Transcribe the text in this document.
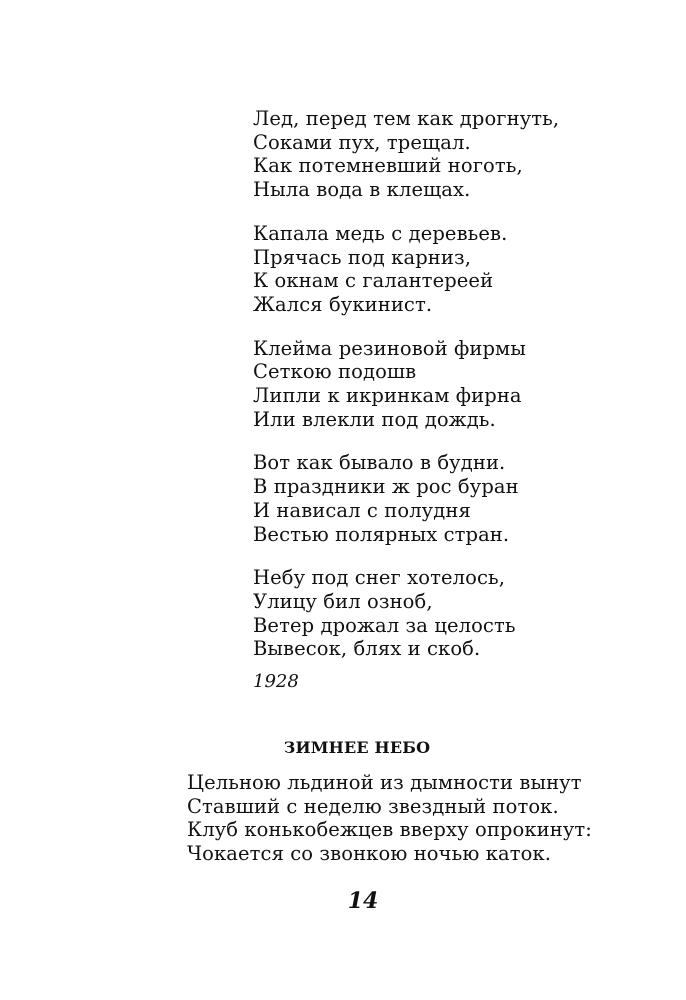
Лед, перед тем как дрогнуть,
Соками пух, трещал.
Как потемневший ноготь,
Ныла вода в клещах.
Капала медь с деревьев.
Прячась под карниз,
К окнам с галантереей
Жался букинист.
Клейма резиновой фирмы
Сеткою подошв
Липли к икринкам фирна
Или влекли под дождь.
Вот как бывало в будни.
В праздники ж рос буран
И нависал с полудня
Вестью полярных стран.
Небу под снег хотелось,
Улицу бил озноб,
Ветер дрожал за целость
Вывесок, блях и скоб.
1928
ЗИМНЕЕ НЕБО
Цельною льдиной из дымности вынут
Ставший с неделю звездный поток.
Клуб конькобежцев вверху опрокинут:
Чокается со звонкою ночью каток.
14
